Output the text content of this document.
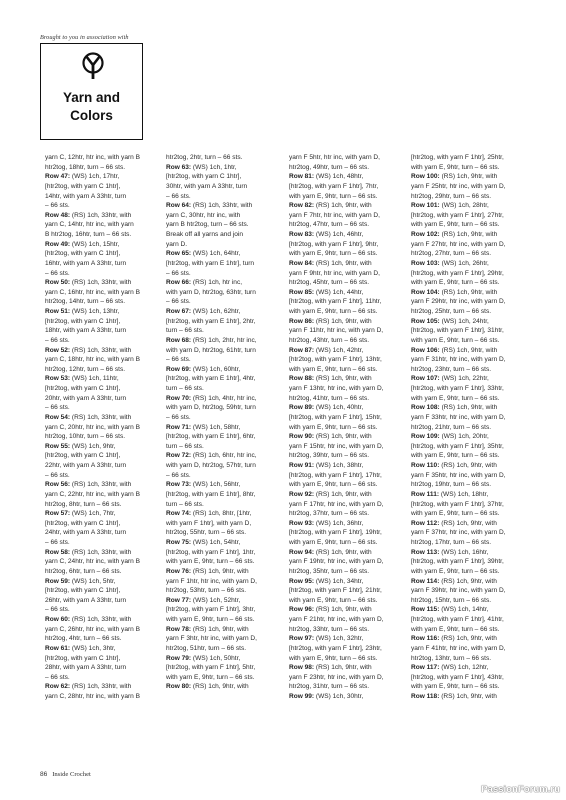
Brought to you in association with
Yarn and
Colors
yarn C, 12htr, htr inc, with yarn B
htr2tog, 18htr, turn – 66 sts.
Row 47: (WS) 1ch, 17htr,
[htr2tog, with yarn C 1htr],
14htr, with yarn A 33htr, turn
– 66 sts.
Row 48: (RS) 1ch, 33htr, with
yarn C, 14htr, htr inc, with yarn
B htr2tog, 16htr, turn – 66 sts.
Row 49: (WS) 1ch, 15htr,
[htr2tog, with yarn C 1htr],
16htr, with yarn A 33htr, turn
– 66 sts.
Row 50: (RS) 1ch, 33htr, with
yarn C, 16htr, htr inc, with yarn B
htr2tog, 14htr, turn – 66 sts.
Row 51: (WS) 1ch, 13htr,
[htr2tog, with yarn C 1htr],
18htr, with yarn A 33htr, turn
– 66 sts.
Row 52: (RS) 1ch, 33htr, with
yarn C, 18htr, htr inc, with yarn B
htr2tog, 12htr, turn – 66 sts.
Row 53: (WS) 1ch, 11htr,
[htr2tog, with yarn C 1htr],
20htr, with yarn A 33htr, turn
– 66 sts.
Row 54: (RS) 1ch, 33htr, with
yarn C, 20htr, htr inc, with yarn B
htr2tog, 10htr, turn – 66 sts.
Row 55: (WS) 1ch, 9htr,
[htr2tog, with yarn C 1htr],
22htr, with yarn A 33htr, turn
– 66 sts.
Row 56: (RS) 1ch, 33htr, with
yarn C, 22htr, htr inc, with yarn B
htr2tog, 8htr, turn – 66 sts.
Row 57: (WS) 1ch, 7htr,
[htr2tog, with yarn C 1htr],
24htr, with yarn A 33htr, turn
– 66 sts.
Row 58: (RS) 1ch, 33htr, with
yarn C, 24htr, htr inc, with yarn B
htr2tog, 6htr, turn – 66 sts.
Row 59: (WS) 1ch, 5htr,
[htr2tog, with yarn C 1htr],
26htr, with yarn A 33htr, turn
– 66 sts.
Row 60: (RS) 1ch, 33htr, with
yarn C, 26htr, htr inc, with yarn B
htr2tog, 4htr, turn – 66 sts.
Row 61: (WS) 1ch, 3htr,
[htr2tog, with yarn C 1htr],
28htr, with yarn A 33htr, turn
– 66 sts.
Row 62: (RS) 1ch, 33htr, with
yarn C, 28htr, htr inc, with yarn B
htr2tog, 2htr, turn – 66 sts.
Row 63: (WS) 1ch, 1htr,
[htr2tog, with yarn C 1htr],
30htr, with yarn A 33htr, turn
– 66 sts.
Row 64: (RS) 1ch, 33htr, with
yarn C, 30htr, htr inc, with
yarn B htr2tog, turn – 66 sts.
Break off all yarns and join
yarn D.
Row 65: (WS) 1ch, 64htr,
[htr2tog, with yarn E 1htr], turn
– 66 sts.
Row 66: (RS) 1ch, htr inc,
with yarn D, htr2tog, 63htr, turn
– 66 sts.
Row 67: (WS) 1ch, 62htr,
[htr2tog, with yarn E 1htr], 2htr,
turn – 66 sts.
Row 68: (RS) 1ch, 2htr, htr inc,
with yarn D, htr2tog, 61htr, turn
– 66 sts.
Row 69: (WS) 1ch, 60htr,
[htr2tog, with yarn E 1htr], 4htr,
turn – 66 sts.
Row 70: (RS) 1ch, 4htr, htr inc,
with yarn D, htr2tog, 59htr, turn
– 66 sts.
Row 71: (WS) 1ch, 58htr,
[htr2tog, with yarn E 1htr], 6htr,
turn – 66 sts.
Row 72: (RS) 1ch, 6htr, htr inc,
with yarn D, htr2tog, 57htr, turn
– 66 sts.
Row 73: (WS) 1ch, 56htr,
[htr2tog, with yarn E 1htr], 8htr,
turn – 66 sts.
Row 74: (RS) 1ch, 8htr, [1htr,
with yarn F 1htr], with yarn D,
htr2tog, 55htr, turn – 66 sts.
Row 75: (WS) 1ch, 54htr,
[htr2tog, with yarn F 1htr], 1htr,
with yarn E, 9htr, turn – 66 sts.
Row 76: (RS) 1ch, 9htr, with
yarn F 1htr, htr inc, with yarn D,
htr2tog, 53htr, turn – 66 sts.
Row 77: (WS) 1ch, 52htr,
[htr2tog, with yarn F 1htr], 3htr,
with yarn E, 9htr, turn – 66 sts.
Row 78: (RS) 1ch, 9htr, with
yarn F 3htr, htr inc, with yarn D,
htr2tog, 51htr, turn – 66 sts.
Row 79: (WS) 1ch, 50htr,
[htr2tog, with yarn F 1htr], 5htr,
with yarn E, 9htr, turn – 66 sts.
Row 80: (RS) 1ch, 9htr, with
yarn F 5htr, htr inc, with yarn D,
htr2tog, 49htr, turn – 66 sts.
Row 81: (WS) 1ch, 48htr,
[htr2tog, with yarn F 1htr], 7htr,
with yarn E, 9htr, turn – 66 sts.
Row 82: (RS) 1ch, 9htr, with
yarn F 7htr, htr inc, with yarn D,
htr2tog, 47htr, turn – 66 sts.
Row 83: (WS) 1ch, 46htr,
[htr2tog, with yarn F 1htr], 9htr,
with yarn E, 9htr, turn – 66 sts.
Row 84: (RS) 1ch, 9htr, with
yarn F 9htr, htr inc, with yarn D,
htr2tog, 45htr, turn – 66 sts.
Row 85: (WS) 1ch, 44htr,
[htr2tog, with yarn F 1htr], 11htr,
with yarn E, 9htr, turn – 66 sts.
Row 86: (RS) 1ch, 9htr, with
yarn F 11htr, htr inc, with yarn D,
htr2tog, 43htr, turn – 66 sts.
Row 87: (WS) 1ch, 42htr,
[htr2tog, with yarn F 1htr], 13htr,
with yarn E, 9htr, turn – 66 sts.
Row 88: (RS) 1ch, 9htr, with
yarn F 13htr, htr inc, with yarn D,
htr2tog, 41htr, turn – 66 sts.
Row 89: (WS) 1ch, 40htr,
[htr2tog, with yarn F 1htr], 15htr,
with yarn E, 9htr, turn – 66 sts.
Row 90: (RS) 1ch, 9htr, with
yarn F 15htr, htr inc, with yarn D,
htr2tog, 39htr, turn – 66 sts.
Row 91: (WS) 1ch, 38htr,
[htr2tog, with yarn F 1htr], 17htr,
with yarn E, 9htr, turn – 66 sts.
Row 92: (RS) 1ch, 9htr, with
yarn F 17htr, htr inc, with yarn D,
htr2tog, 37htr, turn – 66 sts.
Row 93: (WS) 1ch, 36htr,
[htr2tog, with yarn F 1htr], 19htr,
with yarn E, 9htr, turn – 66 sts.
Row 94: (RS) 1ch, 9htr, with
yarn F 19htr, htr inc, with yarn D,
htr2tog, 35htr, turn – 66 sts.
Row 95: (WS) 1ch, 34htr,
[htr2tog, with yarn F 1htr], 21htr,
with yarn E, 9htr, turn – 66 sts.
Row 96: (RS) 1ch, 9htr, with
yarn F 21htr, htr inc, with yarn D,
htr2tog, 33htr, turn – 66 sts.
Row 97: (WS) 1ch, 32htr,
[htr2tog, with yarn F 1htr], 23htr,
with yarn E, 9htr, turn – 66 sts.
Row 98: (RS) 1ch, 9htr, with
yarn F 23htr, htr inc, with yarn D,
htr2tog, 31htr, turn – 66 sts.
Row 99: (WS) 1ch, 30htr,
[htr2tog, with yarn F 1htr], 25htr,
with yarn E, 9htr, turn – 66 sts.
Row 100: (RS) 1ch, 9htr, with
yarn F 25htr, htr inc, with yarn D,
htr2tog, 29htr, turn – 66 sts.
Row 101: (WS) 1ch, 28htr,
[htr2tog, with yarn F 1htr], 27htr,
with yarn E, 9htr, turn – 66 sts.
Row 102: (RS) 1ch, 9htr, with
yarn F 27htr, htr inc, with yarn D,
htr2tog, 27htr, turn – 66 sts.
Row 103: (WS) 1ch, 26htr,
[htr2tog, with yarn F 1htr], 29htr,
with yarn E, 9htr, turn – 66 sts.
Row 104: (RS) 1ch, 9htr, with
yarn F 29htr, htr inc, with yarn D,
htr2tog, 25htr, turn – 66 sts.
Row 105: (WS) 1ch, 24htr,
[htr2tog, with yarn F 1htr], 31htr,
with yarn E, 9htr, turn – 66 sts.
Row 106: (RS) 1ch, 9htr, with
yarn F 31htr, htr inc, with yarn D,
htr2tog, 23htr, turn – 66 sts.
Row 107: (WS) 1ch, 22htr,
[htr2tog, with yarn F 1htr], 33htr,
with yarn E, 9htr, turn – 66 sts.
Row 108: (RS) 1ch, 9htr, with
yarn F 33htr, htr inc, with yarn D,
htr2tog, 21htr, turn – 66 sts.
Row 109: (WS) 1ch, 20htr,
[htr2tog, with yarn F 1htr], 35htr,
with yarn E, 9htr, turn – 66 sts.
Row 110: (RS) 1ch, 9htr, with
yarn F 35htr, htr inc, with yarn D,
htr2tog, 19htr, turn – 66 sts.
Row 111: (WS) 1ch, 18htr,
[htr2tog, with yarn F 1htr], 37htr,
with yarn E, 9htr, turn – 66 sts.
Row 112: (RS) 1ch, 9htr, with
yarn F 37htr, htr inc, with yarn D,
htr2tog, 17htr, turn – 66 sts.
Row 113: (WS) 1ch, 16htr,
[htr2tog, with yarn F 1htr], 39htr,
with yarn E, 9htr, turn – 66 sts.
Row 114: (RS) 1ch, 9htr, with
yarn F 39htr, htr inc, with yarn D,
htr2tog, 15htr, turn – 66 sts.
Row 115: (WS) 1ch, 14htr,
[htr2tog, with yarn F 1htr], 41htr,
with yarn E, 9htr, turn – 66 sts.
Row 116: (RS) 1ch, 9htr, with
yarn F 41htr, htr inc, with yarn D,
htr2tog, 13htr, turn – 66 sts.
Row 117: (WS) 1ch, 12htr,
[htr2tog, with yarn F 1htr], 43htr,
with yarn E, 9htr, turn – 66 sts.
Row 118: (RS) 1ch, 9htr, with
86 Inside Crochet
PassionForum.ru
